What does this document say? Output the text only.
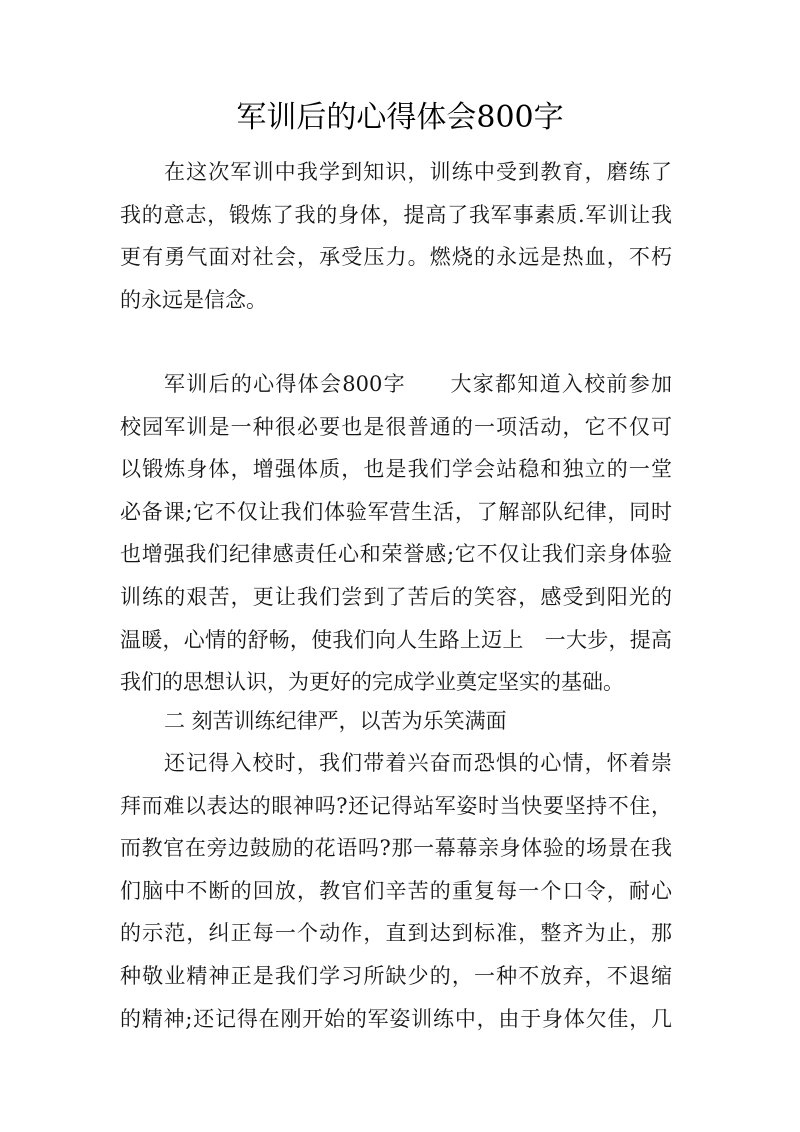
军训后的心得体会800字
在这次军训中我学到知识，训练中受到教育，磨练了
我的意志，锻炼了我的身体，提高了我军事素质.军训让我
更有勇气面对社会，承受压力。燃烧的永远是热血，不朽
的永远是信念。
军训后的心得体会800字　　大家都知道入校前参加
校园军训是一种很必要也是很普通的一项活动，它不仅可
以锻炼身体，增强体质，也是我们学会站稳和独立的一堂
必备课;它不仅让我们体验军营生活，了解部队纪律，同时
也增强我们纪律感责任心和荣誉感;它不仅让我们亲身体验
训练的艰苦，更让我们尝到了苦后的笑容，感受到阳光的
温暖，心情的舒畅，使我们向人生路上迈上　一大步，提高
我们的思想认识，为更好的完成学业奠定坚实的基础。
二 刻苦训练纪律严，以苦为乐笑满面
还记得入校时，我们带着兴奋而恐惧的心情，怀着崇
拜而难以表达的眼神吗?还记得站军姿时当快要坚持不住，
而教官在旁边鼓励的花语吗?那一幕幕亲身体验的场景在我
们脑中不断的回放，教官们辛苦的重复每一个口令，耐心
的示范，纠正每一个动作，直到达到标准，整齐为止，那
种敬业精神正是我们学习所缺少的，一种不放弃，不退缩
的精神;还记得在刚开始的军姿训练中，由于身体欠佳，几
